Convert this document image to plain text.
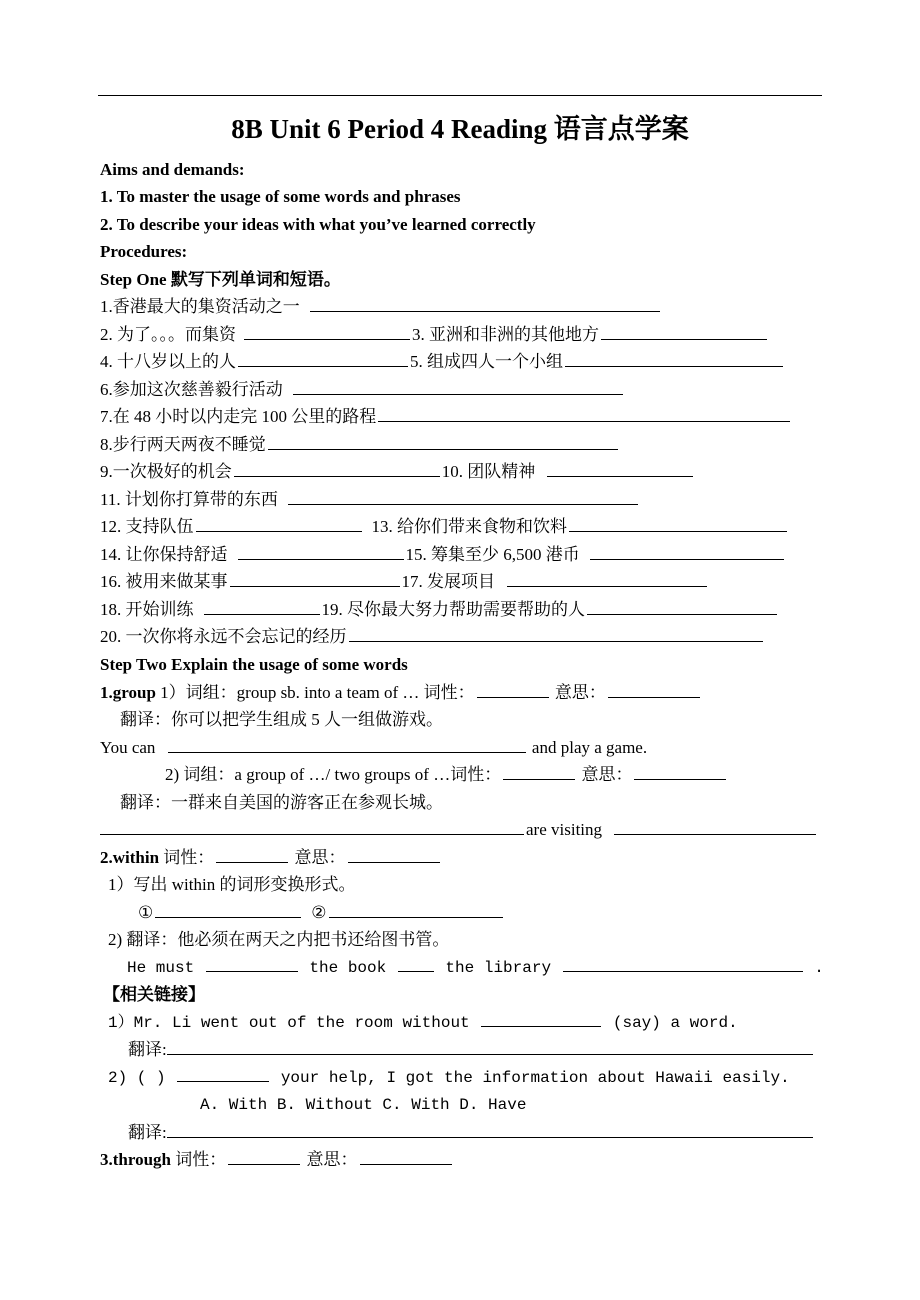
8B Unit 6 Period 4 Reading 语言点学案
Aims and demands:
1. To master the usage of some words and phrases
2. To describe your ideas with what you’ve learned correctly
Procedures:
Step One 默写下列单词和短语。
1.香港最大的集资活动之一
2. 为了。。。而集资	3. 亚洲和非洲的其他地方
4. 十八岁以上的人	5. 组成四人一个小组
6.参加这次慈善毅行活动
7.在 48 小时以内走完 100 公里的路程
8.步行两天两夜不睡觉
9.一次极好的机会	10. 团队精神
11. 计划你打算带的东西
12. 支持队伍	13. 给你们带来食物和饮料
14. 让你保持舒适	15. 筹集至少 6,500 港币
16. 被用来做某事	17. 发展项目
18. 开始训练	19. 尽你最大努力帮助需要帮助的人
20. 一次你将永远不会忘记的经历
Step Two Explain the usage of some words
1.group 1）词组：group sb. into a team of … 词性：	意思：
翻译：你可以把学生组成 5 人一组做游戏。
You can	and play a game.
2) 词组：a group of …/ two groups of …词性：	意思：
翻译：一群来自美国的游客正在参观长城。
are visiting
2.within 词性：	意思：
1）写出 within 的词形变换形式。
①	②
2) 翻译：他必须在两天之内把书还给图书管。
He must	the book	the library	.
【相关链接】
1）Mr. Li went out of the room without	(say) a word.
翻译:
2) ( )	your help, I got the information about Hawaii easily.
A. With B. Without C. With D. Have
翻译:
3.through 词性：	意思：
